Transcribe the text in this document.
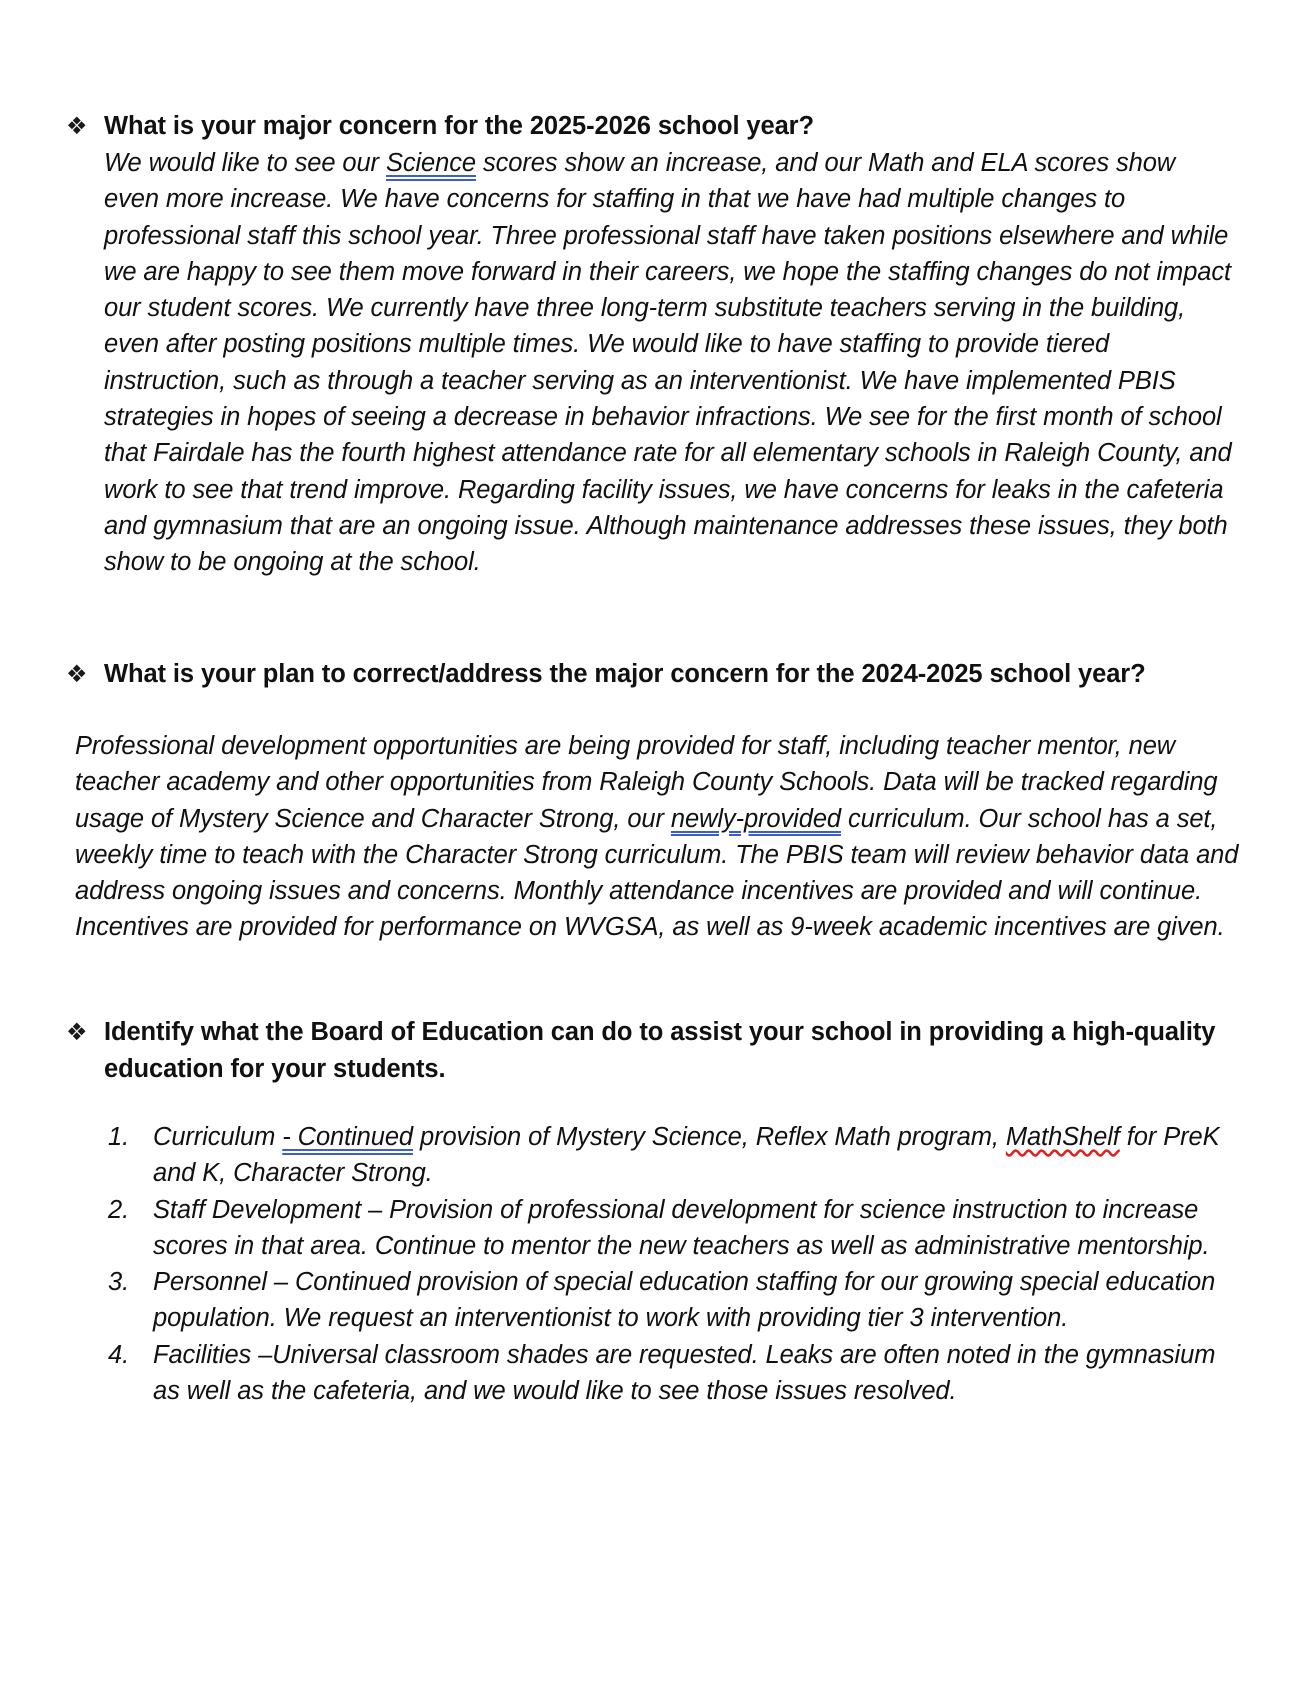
❖ What is your major concern for the 2025-2026 school year?
We would like to see our Science scores show an increase, and our Math and ELA scores show even more increase. We have concerns for staffing in that we have had multiple changes to professional staff this school year. Three professional staff have taken positions elsewhere and while we are happy to see them move forward in their careers, we hope the staffing changes do not impact our student scores. We currently have three long-term substitute teachers serving in the building, even after posting positions multiple times. We would like to have staffing to provide tiered instruction, such as through a teacher serving as an interventionist. We have implemented PBIS strategies in hopes of seeing a decrease in behavior infractions. We see for the first month of school that Fairdale has the fourth highest attendance rate for all elementary schools in Raleigh County, and work to see that trend improve. Regarding facility issues, we have concerns for leaks in the cafeteria and gymnasium that are an ongoing issue. Although maintenance addresses these issues, they both show to be ongoing at the school.
❖ What is your plan to correct/address the major concern for the 2024-2025 school year?
Professional development opportunities are being provided for staff, including teacher mentor, new teacher academy and other opportunities from Raleigh County Schools. Data will be tracked regarding usage of Mystery Science and Character Strong, our newly-provided curriculum. Our school has a set, weekly time to teach with the Character Strong curriculum. The PBIS team will review behavior data and address ongoing issues and concerns. Monthly attendance incentives are provided and will continue. Incentives are provided for performance on WVGSA, as well as 9-week academic incentives are given.
❖ Identify what the Board of Education can do to assist your school in providing a high-quality education for your students.
1. Curriculum - Continued provision of Mystery Science, Reflex Math program, MathShelf for PreK and K, Character Strong.
2. Staff Development – Provision of professional development for science instruction to increase scores in that area. Continue to mentor the new teachers as well as administrative mentorship.
3. Personnel – Continued provision of special education staffing for our growing special education population. We request an interventionist to work with providing tier 3 intervention.
4. Facilities –Universal classroom shades are requested. Leaks are often noted in the gymnasium as well as the cafeteria, and we would like to see those issues resolved.
